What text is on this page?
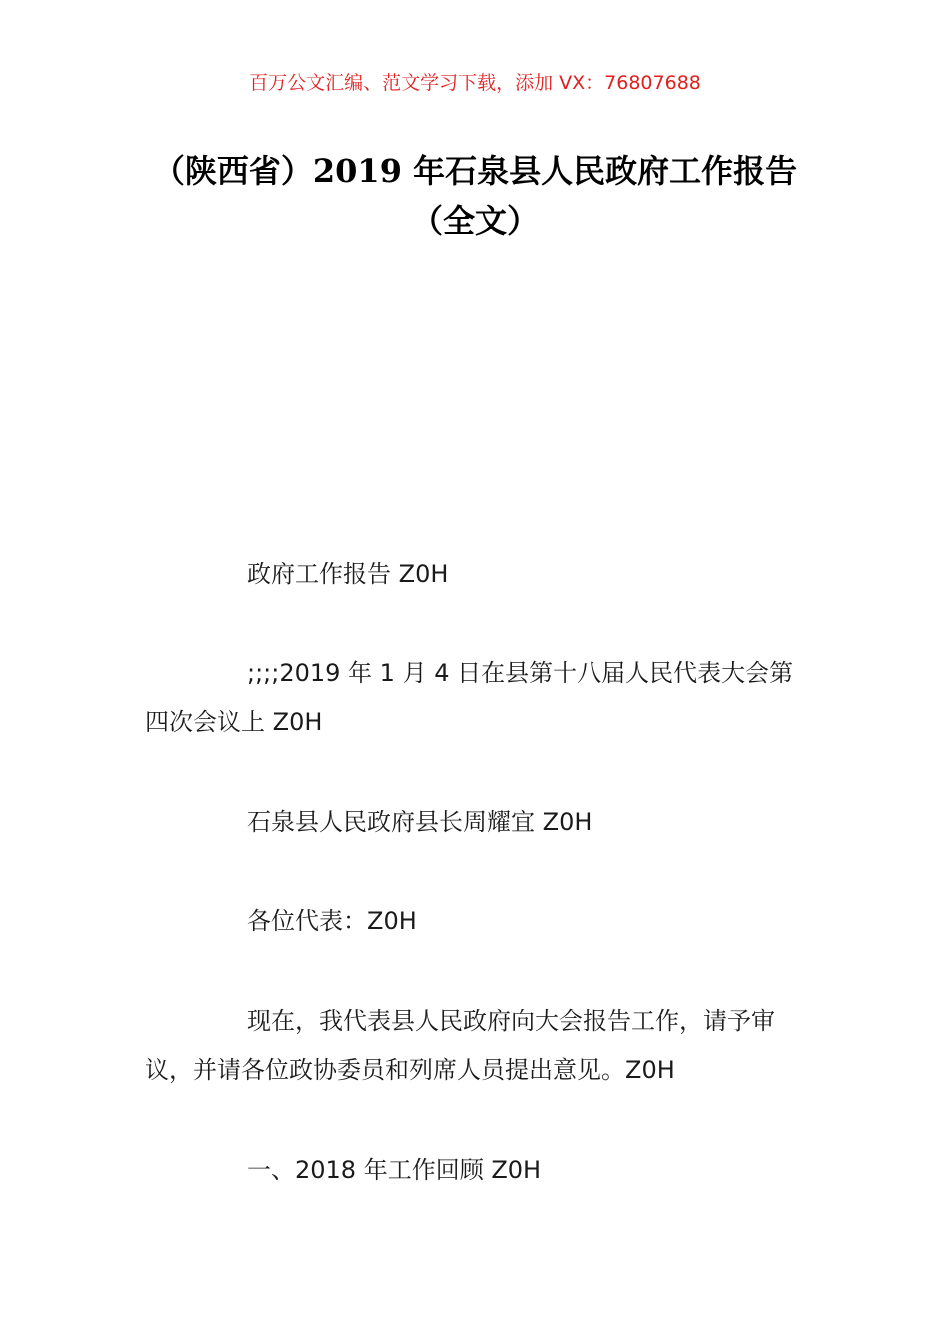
百万公文汇编、范文学习下载，添加 VX：76807688
（陕西省）2019 年石泉县人民政府工作报告（全文）

政府工作报告 Z0H

;;;;2019 年 1 月 4 日在县第十八届人民代表大会第四次会议上 Z0H

石泉县人民政府县长周耀宜 Z0H

各位代表：Z0H

现在，我代表县人民政府向大会报告工作，请予审议，并请各位政协委员和列席人员提出意见。Z0H

一、2018 年工作回顾 Z0H
